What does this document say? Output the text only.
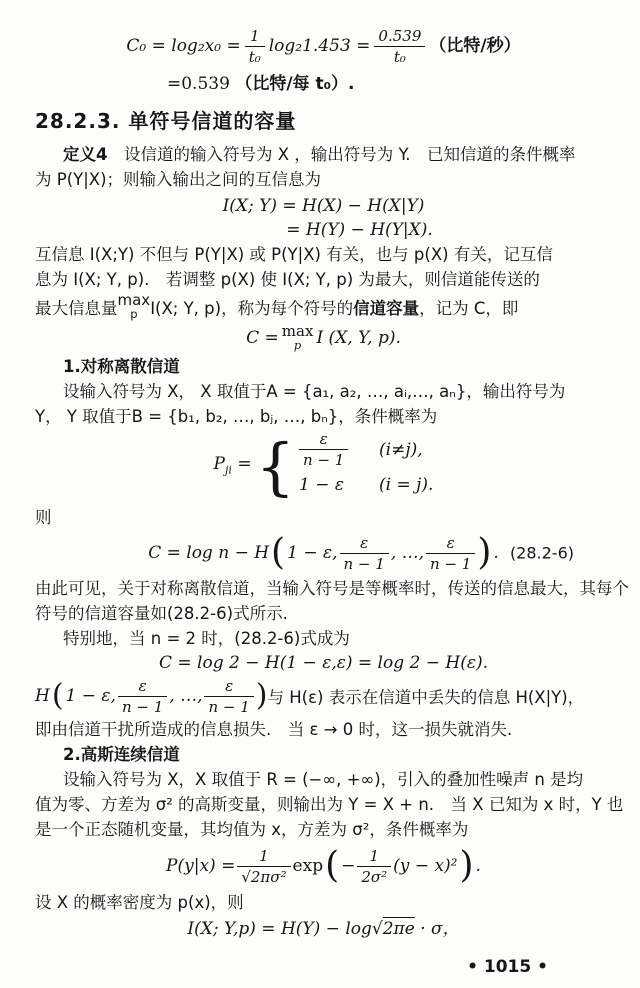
$C_0 = \log_2x_0 = \frac{1}{\text{t₀}} \log_21.453 = \frac{0.539}{\text{t₀}}$ （比特/秒）
=0.539 （比特/每 t₀）.
28.2.3. 单符号信道的容量
定义4　设信道的输入符号为 X ，输出符号为 Y.　已知信道的条件概率
为 P(Y|X)；则输入输出之间的互信息为
I(X; Y) = H(X) − H(X|Y)
= H(Y) − H(Y|X).
互信息 I(X;Y) 不但与 P(Y|X) 或 P(Y|X) 有关，也与 p(X) 有关，记互信
息为 I(X; Y, p).　若调整 p(X) 使 I(X; Y, p) 为最大，则信道能传送的
最大信息量 max
p I(X; Y, p)，称为每个符号的 信道容量 ，记为 C，即
C = max
p I (X, Y, p).
1.对称离散信道
设输入符号为 X， X 取值于A = {a₁, a₂, …, aᵢ,…, aₙ}，输出符号为
Y， Y 取值于B = {b₁, b₂, …, bⱼ, …, bₙ}，条件概率为
$P_{ji}$ = { $\frac{\varepsilon}{n - 1} (i\ne j)$,
1 − ε	(i = j).
则
C = log n − H ( 1 − ε, $\frac{\varepsilon}{n - 1}$ , …, $\frac{\varepsilon}{n - 1}$ ) . (28.2-6)
由此可见，关于对称离散信道，当输入符号是等概率时，传送的信息最大，其每个
符号的信道容量如(28.2-6)式所示.
特别地，当 n = 2 时，(28.2-6)式成为
C = log 2 − H(1 − ε,ε) = log 2 − H(ε).
H ( 1 − ε, $\frac{\varepsilon}{n - 1}$ , …, $\frac{\varepsilon}{n - 1}$ ) 与 H(ε) 表示在信道中丢失的信息 H(X|Y)，
即由信道干扰所造成的信息损失.　当 ε → 0 时，这一损失就消失.
2.高斯连续信道
设输入符号为 X，X 取值于 R = (−∞, +∞)，引入的叠加性噪声 n 是均
值为零、方差为 σ² 的高斯变量，则输出为 Y = X + n.　当 X 已知为 x 时，Y 也
是一个正态随机变量，其均值为 x，方差为 σ²，条件概率为
$P(y|x) = \frac{1}{\text{√2πσ²}}$ exp ( − $\frac{1}{\text{2σ²}} (y - x)^2$ ) .
设 X 的概率密度为 p(x)，则
I(X; Y,p) = H(Y) − log√2πe · σ，
• 1015 •
